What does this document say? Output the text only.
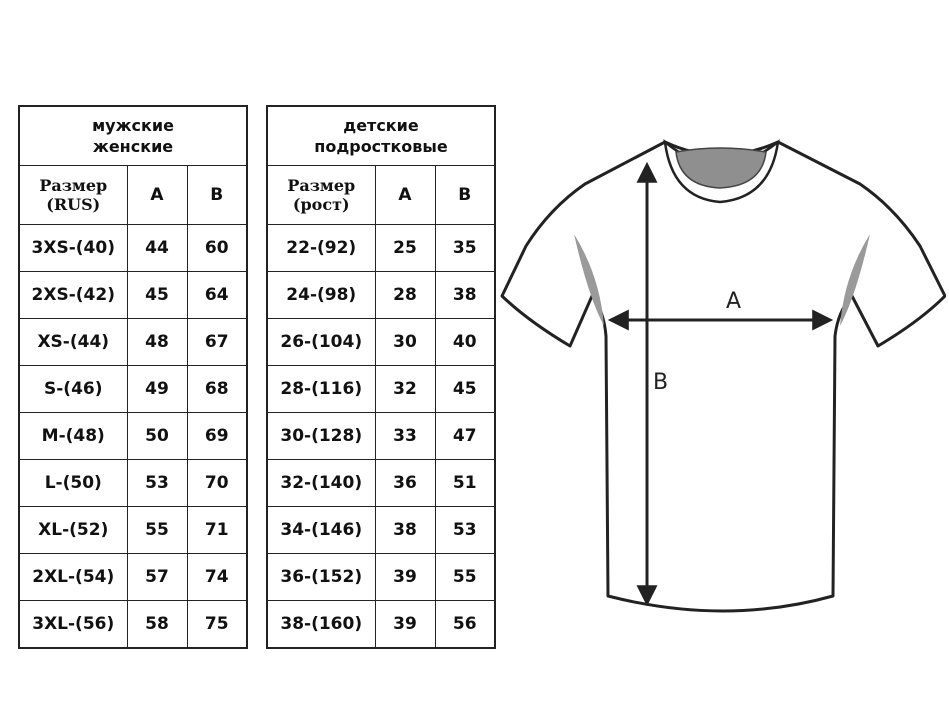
мужские
женские		

Размер (RUS)	A	B
3XS-(40)	44	60
2XS-(42)	45	64
XS-(44)	48	67
S-(46)	49	68
M-(48)	50	69
L-(50)	53	70
XL-(52)	55	71
2XL-(54)	57	74
3XL-(56)	58	75
детские
подростковые		

Размер (рост)	A	B
22-(92)	25	35
24-(98)	28	38
26-(104)	30	40
28-(116)	32	45
30-(128)	33	47
32-(140)	36	51
34-(146)	38	53
36-(152)	39	55
38-(160)	39	56
A
B
